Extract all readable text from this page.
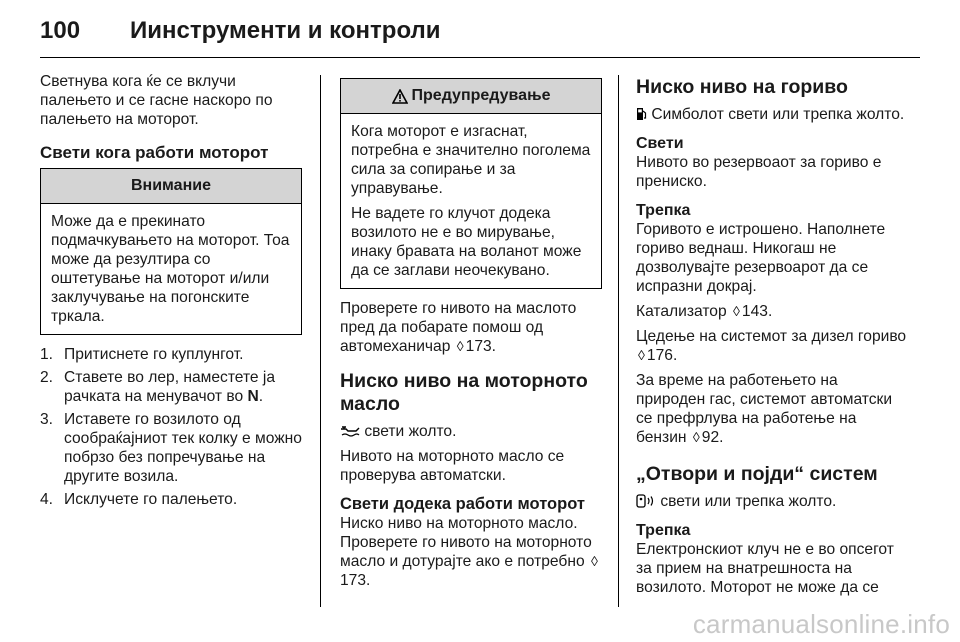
100	Иинструменти и контроли

Светнува кога ќе се вклучи палењето и се гасне наскоро по палењето на моторот.

Свети кога работи моторот
Внимание

Може да е прекинато подмачкувањето на моторот. Тоа може да резултира со оштетување на моторот и/или заклучување на погонските тркала.

1. Притиснете го куплунгот.
2. Ставете во лер, наместете ја рачката на менувачот во N.
3. Иставете го возилото од сообраќајниот тек колку е можно побрзо без попречување на другите возила.
4. Исклучете го палењето.
Предупредување

Кога моторот е изгаснат, потребна е значително поголема сила за сопирање и за управување.

Не вадете го клучот додека возилото не е во мирување, инаку бравата на воланот може да се заглави неочекувано.

Проверете го нивото на маслото пред да побарате помош од автомеханичар ◊ 173.

Ниско ниво на моторното масло

свети жолто.

Нивото на моторното масло се проверува автоматски.

Свети додека работи моторот

Ниско ниво на моторното масло.

Проверете го нивото на моторното масло и дотурајте ако е потребно ◊173.

Ниско ниво на гориво

Симболот свети или трепка жолто.

Свети

Нивото во резервоаот за гориво е прениско.

Трепка

Горивото е истрошено. Наполнете гориво веднаш. Никогаш не дозволувајте резервоарот да се испразни докрај.

Катализатор ◊ 143.

Цедење на системот за дизел гориво ◊ 176.

За време на работењето на природен гас, системот автоматски се префрлува на работење на бензин ◊ 92.

„Отвори и појди“ систем

свети или трепка жолто.

Трепка

Електронскиот клуч не е во опсегот за прием на внатрешноста на возилото. Моторот не може да се

carmanualsonline.info
